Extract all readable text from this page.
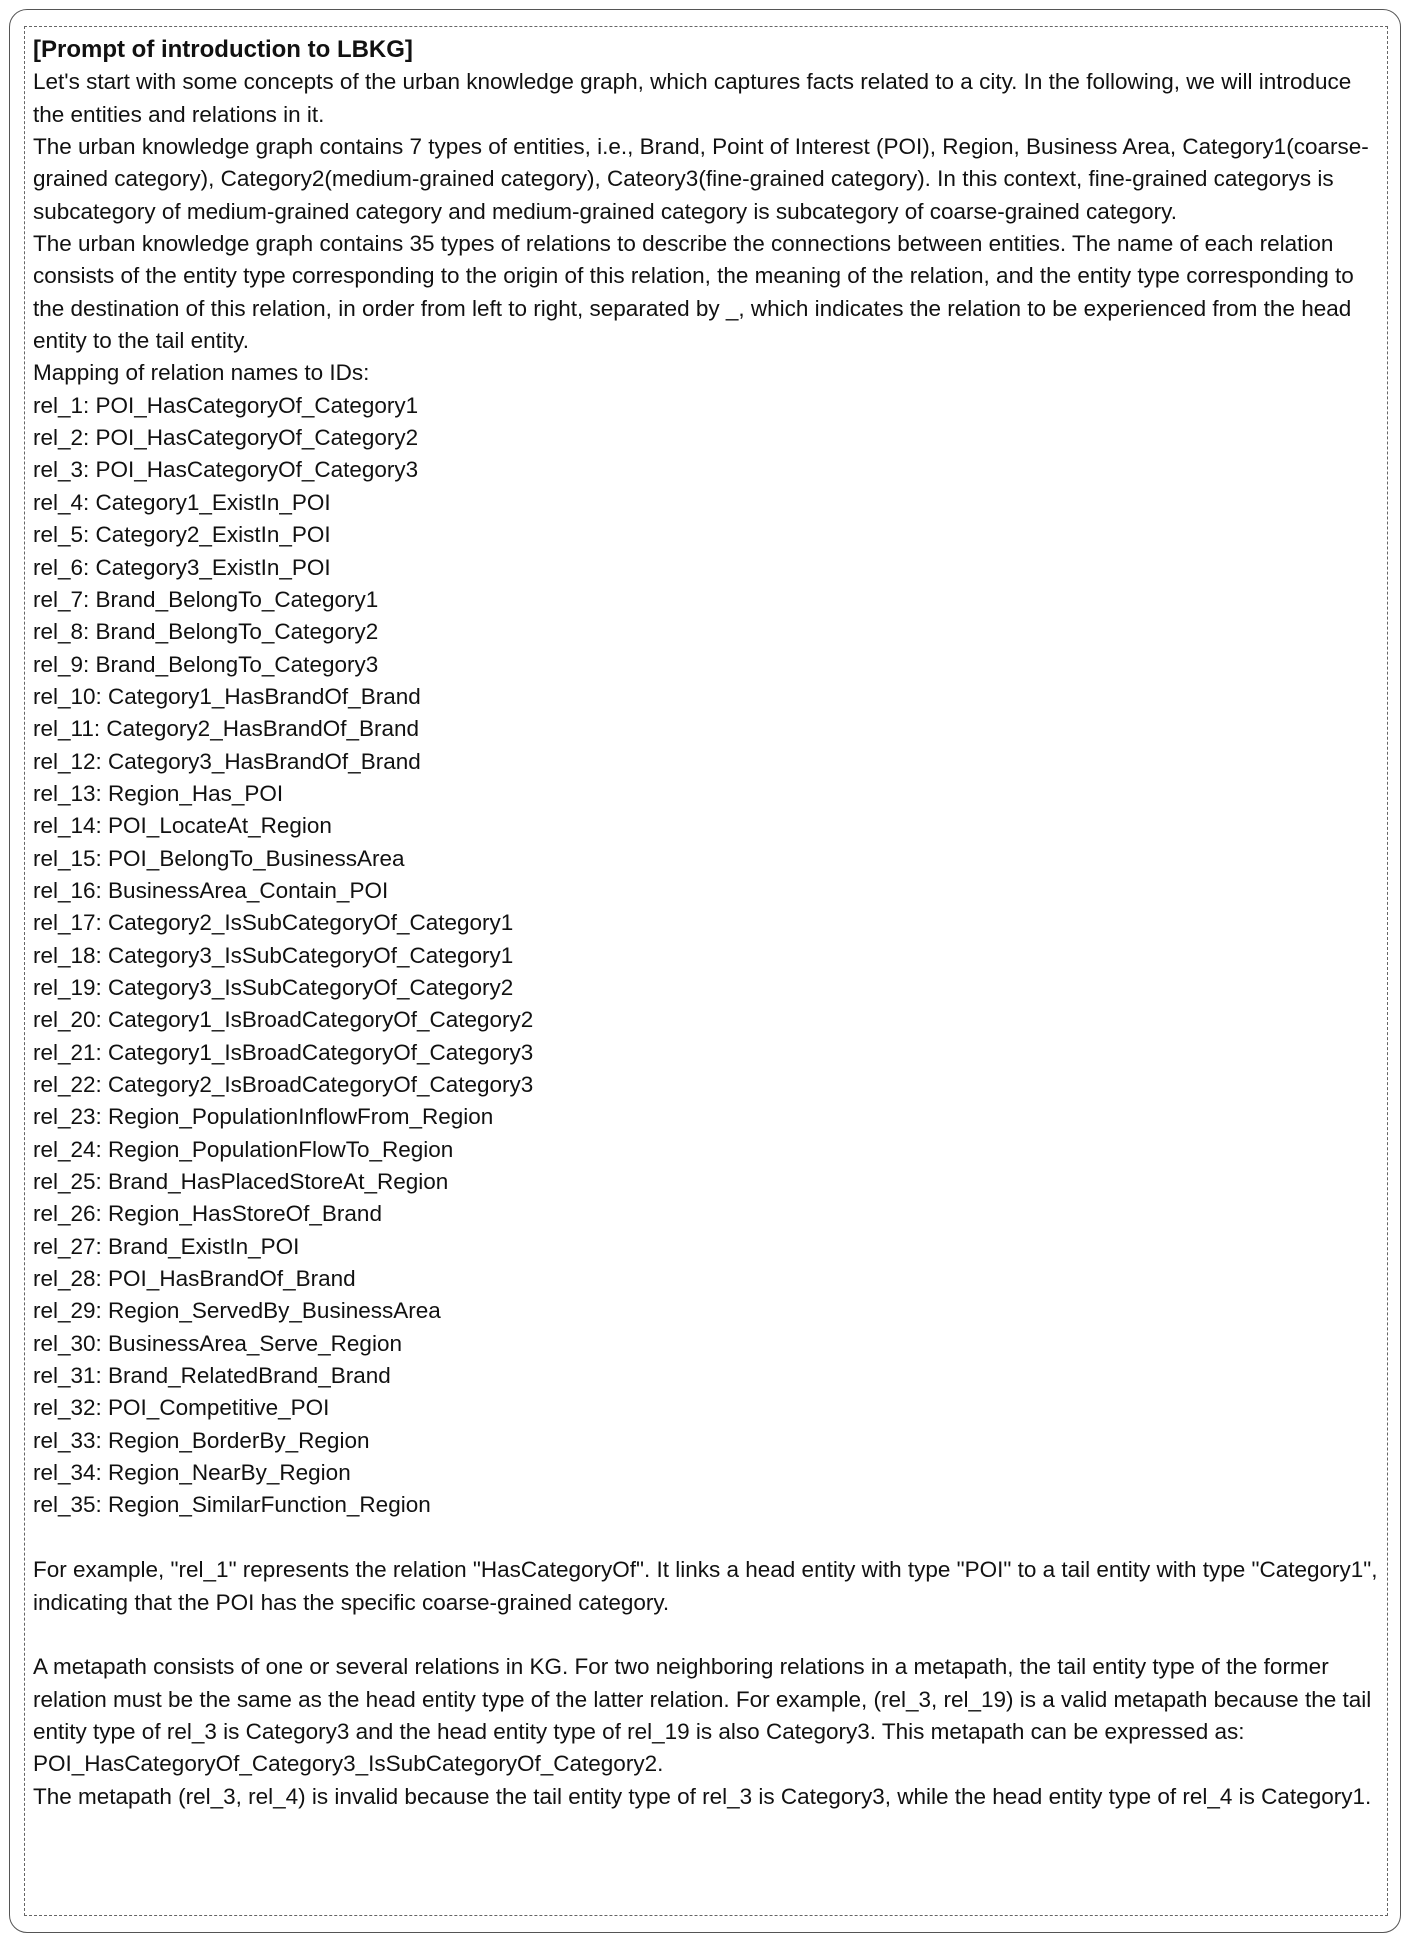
[Prompt of introduction to LBKG]

Let's start with some concepts of the urban knowledge graph, which captures facts related to a city. In the following, we will introduce the entities and relations in it.

The urban knowledge graph contains 7 types of entities, i.e., Brand, Point of Interest (POI), Region, Business Area, Category1(coarse-grained category), Category2(medium-grained category), Cateory3(fine-grained category). In this context, fine-grained categorys is subcategory of medium-grained category and medium-grained category is subcategory of coarse-grained category.

The urban knowledge graph contains 35 types of relations to describe the connections between entities. The name of each relation consists of the entity type corresponding to the origin of this relation, the meaning of the relation, and the entity type corresponding to the destination of this relation, in order from left to right, separated by _, which indicates the relation to be experienced from the head entity to the tail entity.

Mapping of relation names to IDs:
rel_1: POI_HasCategoryOf_Category1
rel_2: POI_HasCategoryOf_Category2
rel_3: POI_HasCategoryOf_Category3
rel_4: Category1_ExistIn_POI
rel_5: Category2_ExistIn_POI
rel_6: Category3_ExistIn_POI
rel_7: Brand_BelongTo_Category1
rel_8: Brand_BelongTo_Category2
rel_9: Brand_BelongTo_Category3
rel_10: Category1_HasBrandOf_Brand
rel_11: Category2_HasBrandOf_Brand
rel_12: Category3_HasBrandOf_Brand
rel_13: Region_Has_POI
rel_14: POI_LocateAt_Region
rel_15: POI_BelongTo_BusinessArea
rel_16: BusinessArea_Contain_POI
rel_17: Category2_IsSubCategoryOf_Category1
rel_18: Category3_IsSubCategoryOf_Category1
rel_19: Category3_IsSubCategoryOf_Category2
rel_20: Category1_IsBroadCategoryOf_Category2
rel_21: Category1_IsBroadCategoryOf_Category3
rel_22: Category2_IsBroadCategoryOf_Category3
rel_23: Region_PopulationInflowFrom_Region
rel_24: Region_PopulationFlowTo_Region
rel_25: Brand_HasPlacedStoreAt_Region
rel_26: Region_HasStoreOf_Brand
rel_27: Brand_ExistIn_POI
rel_28: POI_HasBrandOf_Brand
rel_29: Region_ServedBy_BusinessArea
rel_30: BusinessArea_Serve_Region
rel_31: Brand_RelatedBrand_Brand
rel_32: POI_Competitive_POI
rel_33: Region_BorderBy_Region
rel_34: Region_NearBy_Region
rel_35: Region_SimilarFunction_Region

For example, "rel_1" represents the relation "HasCategoryOf". It links a head entity with type "POI" to a tail entity with type "Category1", indicating that the POI has the specific coarse-grained category.

A metapath consists of one or several relations in KG. For two neighboring relations in a metapath, the tail entity type of the former relation must be the same as the head entity type of the latter relation. For example, (rel_3, rel_19) is a valid metapath because the tail entity type of rel_3 is Category3 and the head entity type of rel_19 is also Category3. This metapath can be expressed as: POI_HasCategoryOf_Category3_IsSubCategoryOf_Category2.

The metapath (rel_3, rel_4) is invalid because the tail entity type of rel_3 is Category3, while the head entity type of rel_4 is Category1.
